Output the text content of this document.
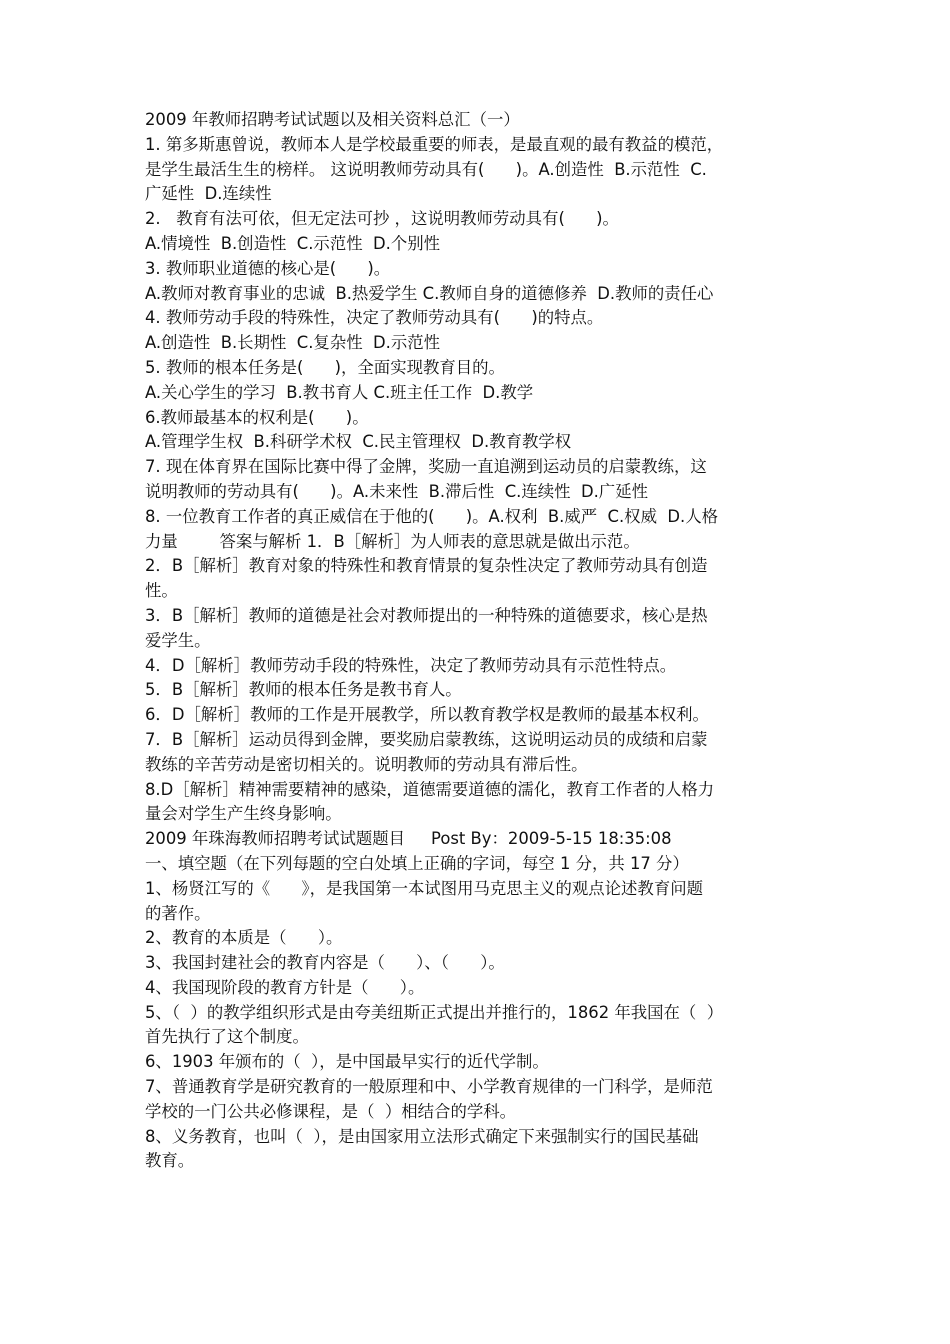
2009 年教师招聘考试试题以及相关资料总汇（一）

1. 第多斯惠曾说，教师本人是学校最重要的师表，是最直观的最有教益的模范，

是学生最活生生的榜样。 这说明教师劳动具有(      )。A.创造性  B.示范性  C.

广延性  D.连续性

2.   教育有法可依，但无定法可抄 ，这说明教师劳动具有(      )。

A.情境性  B.创造性  C.示范性  D.个别性

3. 教师职业道德的核心是(      )。

A.教师对教育事业的忠诚  B.热爱学生 C.教师自身的道德修养  D.教师的责任心

4. 教师劳动手段的特殊性，决定了教师劳动具有(      )的特点。

A.创造性  B.长期性  C.复杂性  D.示范性

5. 教师的根本任务是(      )，全面实现教育目的。

A.关心学生的学习  B.教书育人 C.班主任工作  D.教学

6.教师最基本的权利是(      )。

A.管理学生权  B.科研学术权  C.民主管理权  D.教育教学权

7. 现在体育界在国际比赛中得了金牌，奖励一直追溯到运动员的启蒙教练，这

说明教师的劳动具有(      )。A.未来性  B.滞后性  C.连续性  D.广延性

8. 一位教育工作者的真正威信在于他的(      )。A.权利  B.威严  C.权威  D.人格

力量        答案与解析 1．B［解析］为人师表的意思就是做出示范。

2．B［解析］教育对象的特殊性和教育情景的复杂性决定了教师劳动具有创造

性。

3．B［解析］教师的道德是社会对教师提出的一种特殊的道德要求，核心是热

爱学生。

4．D［解析］教师劳动手段的特殊性，决定了教师劳动具有示范性特点。

5．B［解析］教师的根本任务是教书育人。

6．D［解析］教师的工作是开展教学，所以教育教学权是教师的最基本权利。

7．B［解析］运动员得到金牌，要奖励启蒙教练，这说明运动员的成绩和启蒙

教练的辛苦劳动是密切相关的。说明教师的劳动具有滞后性。

8.D［解析］精神需要精神的感染，道德需要道德的濡化，教育工作者的人格力

量会对学生产生终身影响。

2009 年珠海教师招聘考试试题题目     Post By：2009-5-15 18:35:08

一、填空题（在下列每题的空白处填上正确的字词，每空 1 分，共 17 分）

1、杨贤江写的《      》，是我国第一本试图用马克思主义的观点论述教育问题

的著作。

2、教育的本质是（      ）。

3、我国封建社会的教育内容是（      ）、（      ）。

4、我国现阶段的教育方针是（      ）。

5、（  ）的教学组织形式是由夸美纽斯正式提出并推行的，1862 年我国在（  ）

首先执行了这个制度。

6、1903 年颁布的（  ），是中国最早实行的近代学制。

7、普通教育学是研究教育的一般原理和中、小学教育规律的一门科学，是师范

学校的一门公共必修课程，是（  ）相结合的学科。

8、义务教育，也叫（  ），是由国家用立法形式确定下来强制实行的国民基础

教育。
